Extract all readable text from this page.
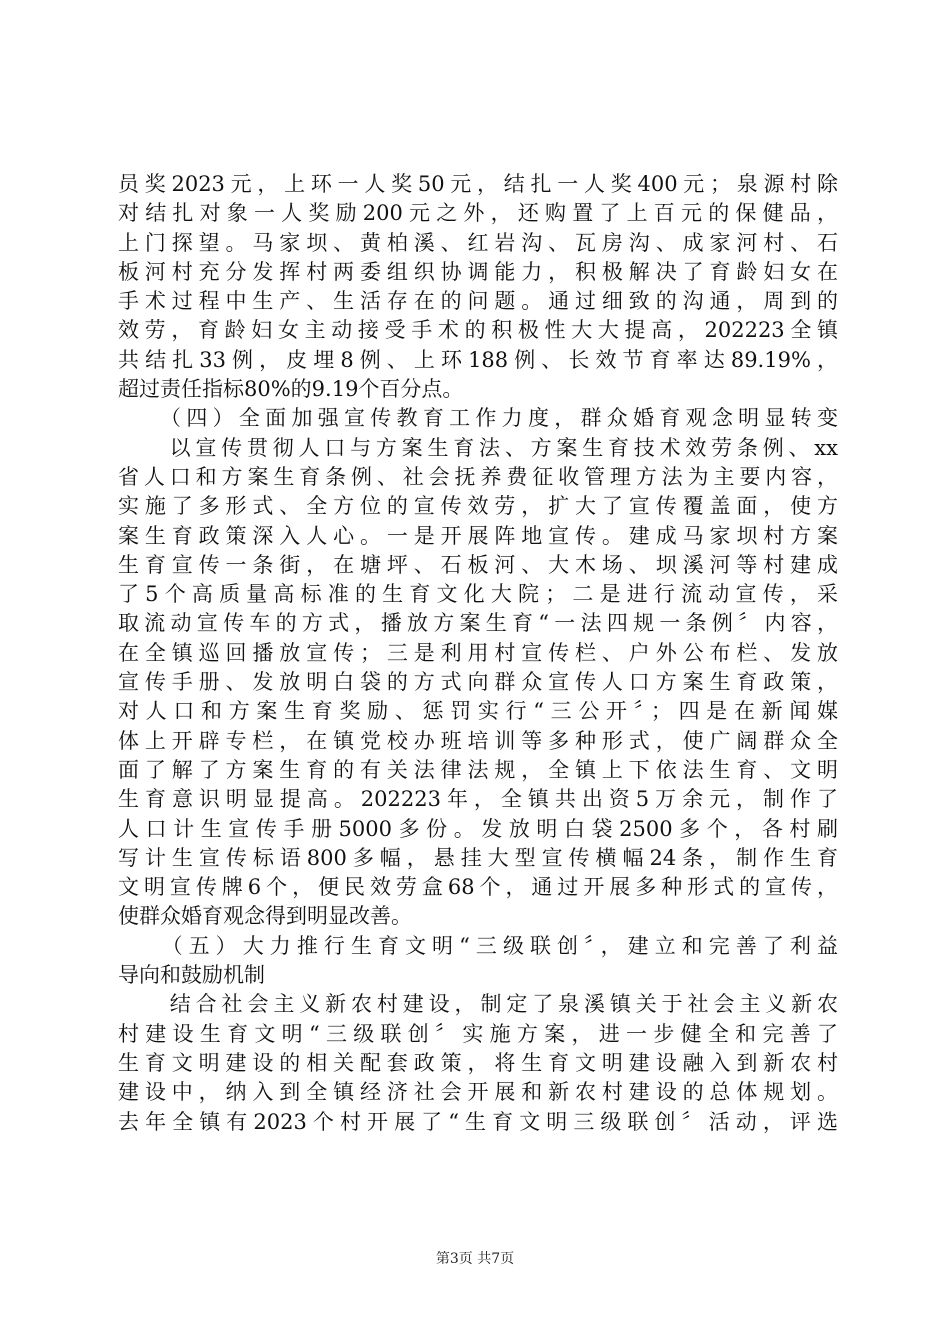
员奖2023元，上环一人奖50元，结扎一人奖400元；泉源村除
对结扎对象一人奖励200元之外，还购置了上百元的保健品，
上门探望。马家坝、黄柏溪、红岩沟、瓦房沟、成家河村、石
板河村充分发挥村两委组织协调能力，积极解决了育龄妇女在
手术过程中生产、生活存在的问题。通过细致的沟通，周到的
效劳，育龄妇女主动接受手术的积极性大大提高，202223全镇
共结扎33例，皮埋8例、上环188例、长效节育率达89.19%，
超过责任指标80%的9.19个百分点。
　　（四）全面加强宣传教育工作力度，群众婚育观念明显转变
　　以宣传贯彻人口与方案生育法、方案生育技术效劳条例、xx
省人口和方案生育条例、社会抚养费征收管理方法为主要内容，
实施了多形式、全方位的宣传效劳，扩大了宣传覆盖面，使方
案生育政策深入人心。一是开展阵地宣传。建成马家坝村方案
生育宣传一条街，在塘坪、石板河、大木场、坝溪河等村建成
了5个高质量高标准的生育文化大院；二是进行流动宣传，采
取流动宣传车的方式，播放方案生育“一法四规一条例〞内容，
在全镇巡回播放宣传；三是利用村宣传栏、户外公布栏、发放
宣传手册、发放明白袋的方式向群众宣传人口方案生育政策，
对人口和方案生育奖励、惩罚实行“三公开〞；四是在新闻媒
体上开辟专栏，在镇党校办班培训等多种形式，使广阔群众全
面了解了方案生育的有关法律法规，全镇上下依法生育、文明
生育意识明显提高。202223年，全镇共出资5万余元，制作了
人口计生宣传手册5000多份。发放明白袋2500多个，各村刷
写计生宣传标语800多幅，悬挂大型宣传横幅24条，制作生育
文明宣传牌6个，便民效劳盒68个，通过开展多种形式的宣传，
使群众婚育观念得到明显改善。
　　（五）大力推行生育文明“三级联创〞，建立和完善了利益
导向和鼓励机制
　　结合社会主义新农村建设，制定了泉溪镇关于社会主义新农
村建设生育文明“三级联创〞实施方案，进一步健全和完善了
生育文明建设的相关配套政策，将生育文明建设融入到新农村
建设中，纳入到全镇经济社会开展和新农村建设的总体规划。
去年全镇有2023个村开展了“生育文明三级联创〞活动，评选
第3页 共7页
